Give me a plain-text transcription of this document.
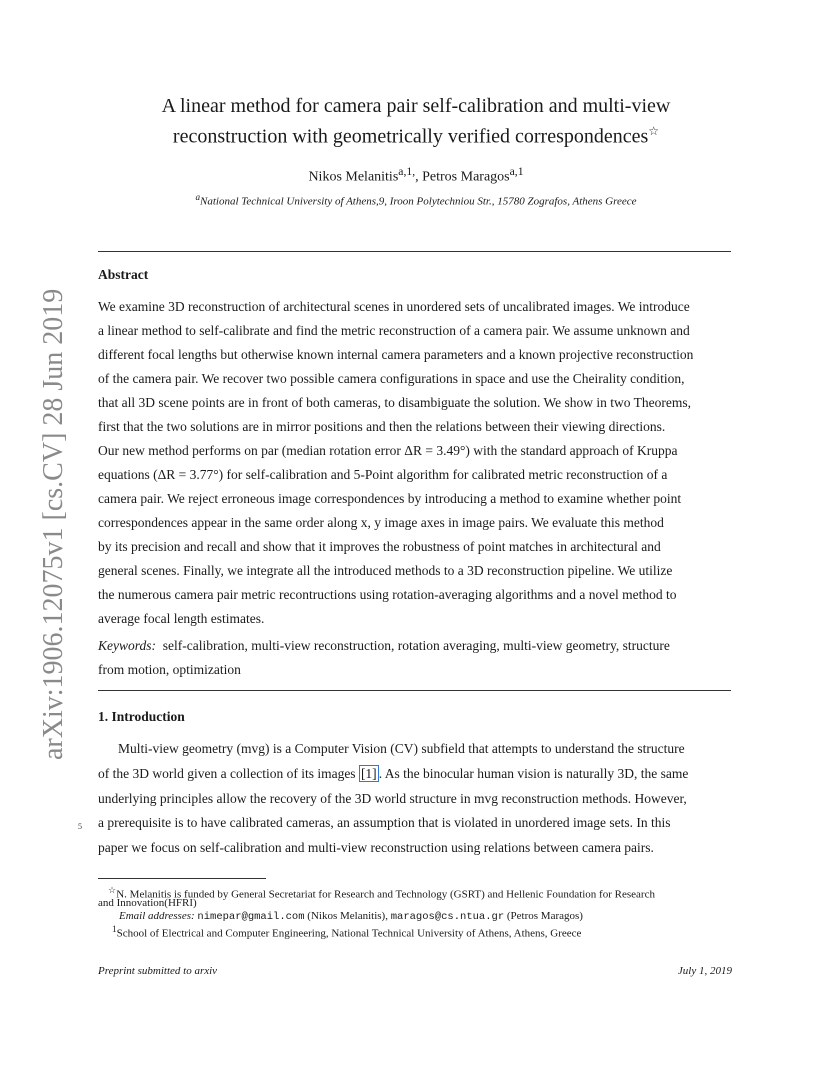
arXiv:1906.12075v1 [cs.CV] 28 Jun 2019
A linear method for camera pair self-calibration and multi-view
reconstruction with geometrically verified correspondences☆
Nikos Melanitis$^{a,1,}$, Petros Maragos$^{a,1}$
$^a$National Technical University of Athens,9, Iroon Polytechniou Str., 15780 Zografos, Athens Greece
Abstract
We examine 3D reconstruction of architectural scenes in unordered sets of uncalibrated images. We introduce
a linear method to self-calibrate and find the metric reconstruction of a camera pair. We assume unknown and
different focal lengths but otherwise known internal camera parameters and a known projective reconstruction
of the camera pair. We recover two possible camera configurations in space and use the Cheirality condition,
that all 3D scene points are in front of both cameras, to disambiguate the solution. We show in two Theorems,
first that the two solutions are in mirror positions and then the relations between their viewing directions.
Our new method performs on par (median rotation error ΔR = 3.49°) with the standard approach of Kruppa
equations (ΔR = 3.77°) for self-calibration and 5-Point algorithm for calibrated metric reconstruction of a
camera pair. We reject erroneous image correspondences by introducing a method to examine whether point
correspondences appear in the same order along x, y image axes in image pairs. We evaluate this method
by its precision and recall and show that it improves the robustness of point matches in architectural and
general scenes. Finally, we integrate all the introduced methods to a 3D reconstruction pipeline. We utilize
the numerous camera pair metric recontructions using rotation-averaging algorithms and a novel method to
average focal length estimates.
Keywords: self-calibration, multi-view reconstruction, rotation averaging, multi-view geometry, structure
from motion, optimization
1. Introduction
Multi-view geometry (mvg) is a Computer Vision (CV) subfield that attempts to understand the structure
of the 3D world given a collection of its images [1] . As the binocular human vision is naturally 3D, the same
underlying principles allow the recovery of the 3D world structure in mvg reconstruction methods. However,
5 a prerequisite is to have calibrated cameras, an assumption that is violated in unordered image sets. In this
paper we focus on self-calibration and multi-view reconstruction using relations between camera pairs.
☆N. Melanitis is funded by General Secretariat for Research and Technology (GSRT) and Hellenic Foundation for Research
and Innovation(HFRI)
Email addresses: nimepar@gmail.com (Nikos Melanitis), maragos@cs.ntua.gr (Petros Maragos)
$^1$School of Electrical and Computer Engineering, National Technical University of Athens, Athens, Greece
Preprint submitted to arxiv	July 1, 2019
